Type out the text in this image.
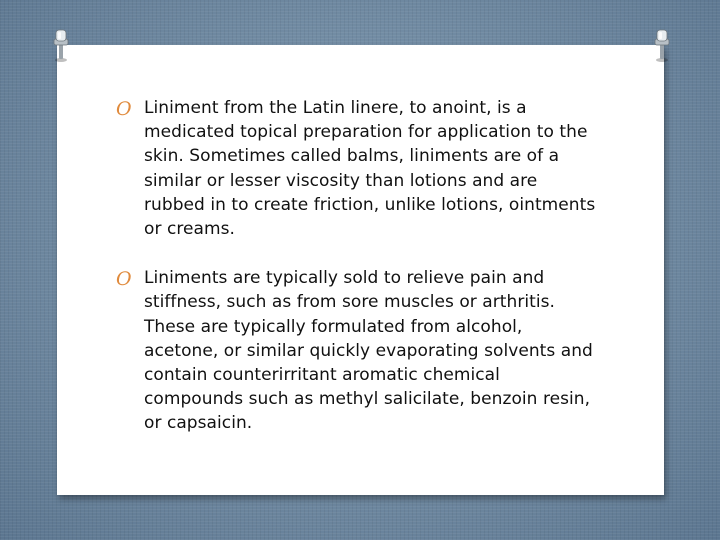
O Liniment from the Latin linere, to anoint, is a medicated topical preparation for application to the skin. Sometimes called balms, liniments are of a similar or lesser viscosity than lotions and are rubbed in to create friction, unlike lotions, ointments or creams.
O Liniments are typically sold to relieve pain and stiffness, such as from sore muscles or arthritis. These are typically formulated from alcohol, acetone, or similar quickly evaporating solvents and contain counterirritant aromatic chemical compounds such as methyl salicilate, benzoin resin, or capsaicin.
